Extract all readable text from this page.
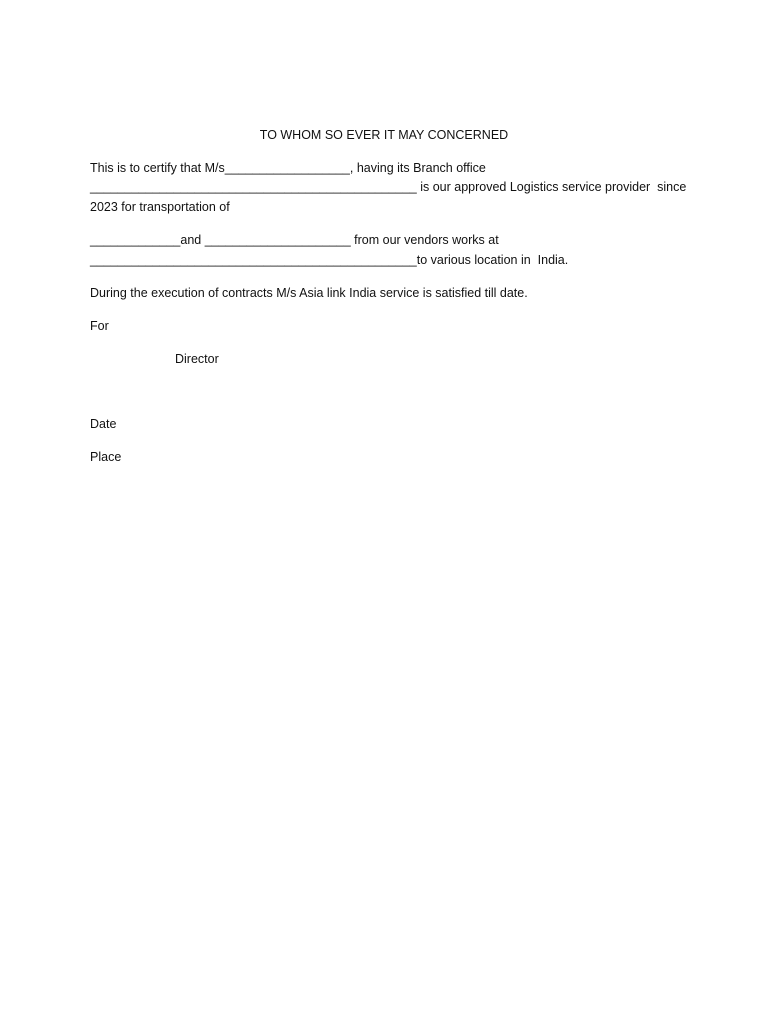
TO WHOM SO EVER IT MAY CONCERNED

This is to certify that M/s__________________, having its Branch office

_______________________________________________ is our approved Logistics service provider  since

2023 for transportation of

_____________and _____________________ from our vendors works at

_______________________________________________to various location in  India.

During the execution of contracts M/s Asia link India service is satisfied till date.

For

Director

Date

Place
